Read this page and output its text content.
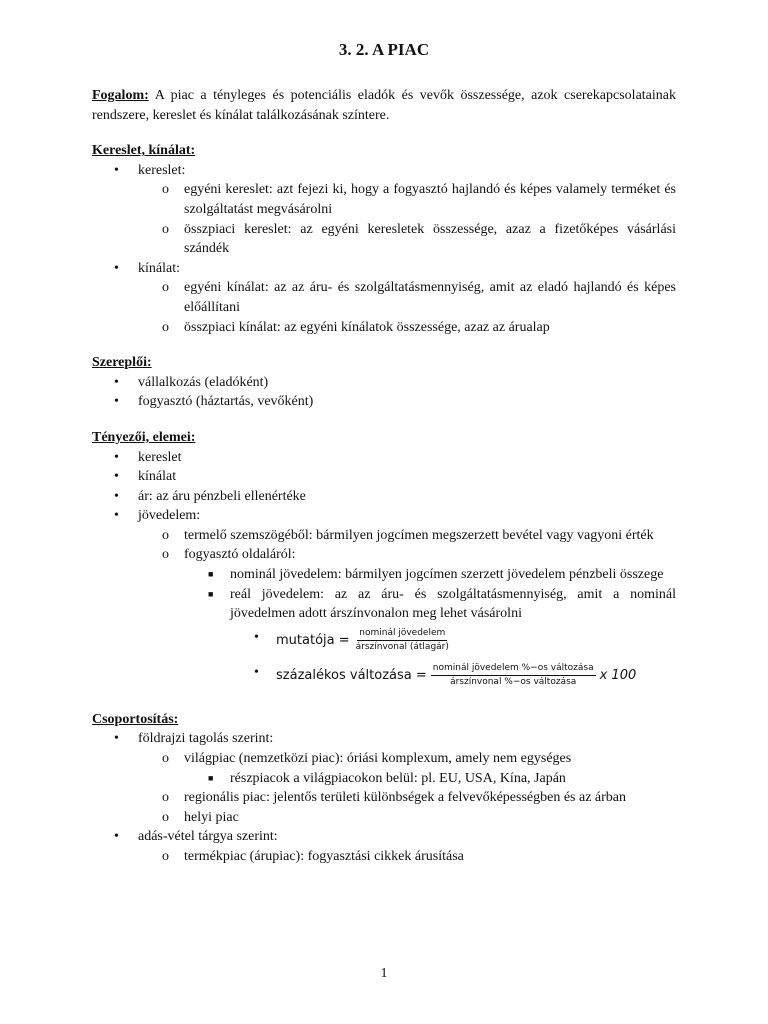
3. 2. A PIAC

Fogalom: A piac a tényleges és potenciális eladók és vevők összessége, azok cserekapcsolatainak rendszere, kereslet és kínálat találkozásának színtere.

Kereslet, kínálat:
• kereslet:
o egyéni kereslet: azt fejezi ki, hogy a fogyasztó hajlandó és képes valamely terméket és szolgáltatást megvásárolni
o összpiaci kereslet: az egyéni keresletek összessége, azaz a fizetőképes vásárlási szándék
• kínálat:
o egyéni kínálat: az az áru- és szolgáltatásmennyiség, amit az eladó hajlandó és képes előállítani
o összpiaci kínálat: az egyéni kínálatok összessége, azaz az árualap
Szereplői:
• vállalkozás (eladóként)
• fogyasztó (háztartás, vevőként)
Tényezői, elemei:
• kereslet
• kínálat
• ár: az áru pénzbeli ellenértéke
• jövedelem:
o termelő szemszögéből: bármilyen jogcímen megszerzett bevétel vagy vagyoni érték
o fogyasztó oldaláról:
■ nominál jövedelem: bármilyen jogcímen szerzett jövedelem pénzbeli összege
■ reál jövedelem: az az áru- és szolgáltatásmennyiség, amit a nominál jövedelmen adott árszínvonalon meg lehet vásárolni
• mutatója = $\frac{\text{nominál jövedelem}}{\text{árszínvonal (átlagár)}}$
• százalékos változása = $\frac{\text{nominál jövedelem \%−os változása}}{\text{árszínvonal \%−os változása}}$ x 100
Csoportosítás:
• földrajzi tagolás szerint:
o világpiac (nemzetközi piac): óriási komplexum, amely nem egységes
■ részpiacok a világpiacokon belül: pl. EU, USA, Kína, Japán
o regionális piac: jelentős területi különbségek a felvevőképességben és az árban
o helyi piac
• adás-vétel tárgya szerint:
o termékpiac (árupiac): fogyasztási cikkek árusítása
1
